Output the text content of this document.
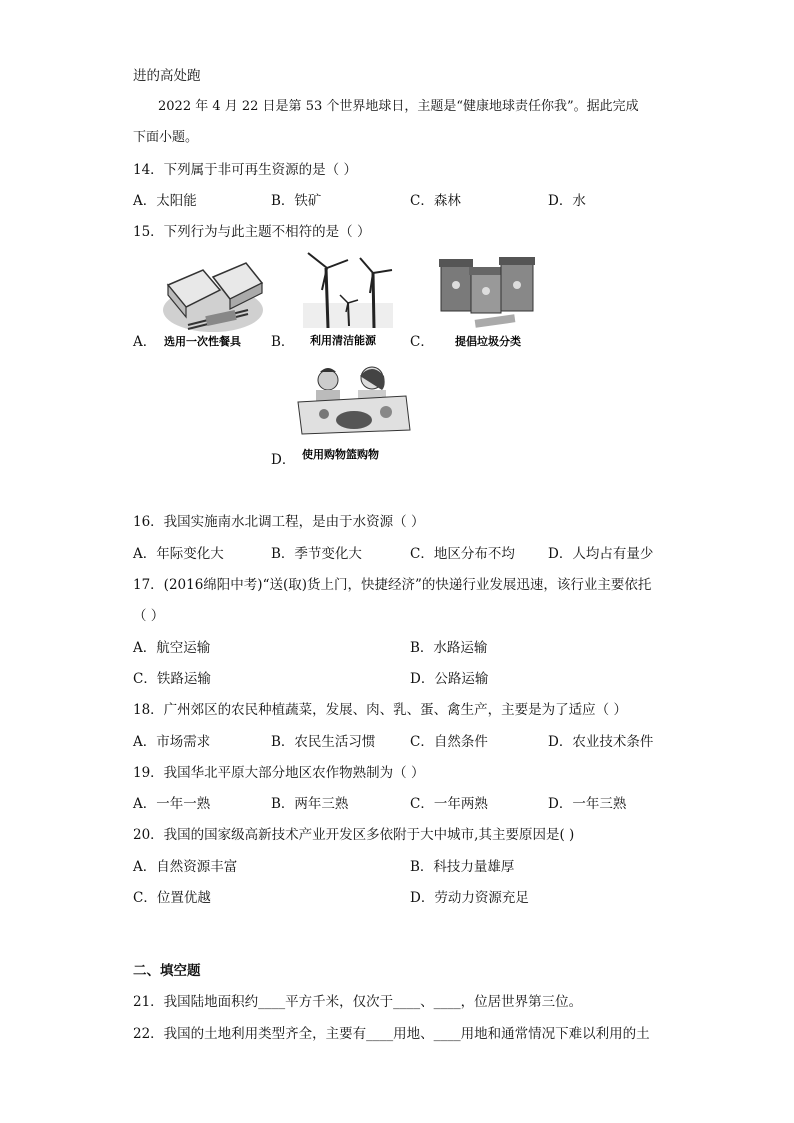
进的高处跑
2022 年 4 月 22 日是第 53 个世界地球日，主题是“健康地球责任你我”。据此完成
下面小题。
14．下列属于非可再生资源的是（ ）
A．太阳能	B．铁矿	C．森林	D．水
15．下列行为与此主题不相符的是（ ）
A． 选用一次性餐具 B． 利用清洁能源	C． 提倡垃圾分类
D． 使用购物篮购物
16．我国实施南水北调工程，是由于水资源（ ）
A．年际变化大	B．季节变化大	C．地区分布不均 D．人均占有量少
17．(2016绵阳中考)“送(取)货上门，快捷经济”的快递行业发展迅速，该行业主要依托
（ ）
A．航空运输	B．水路运输
C．铁路运输	D．公路运输
18．广州郊区的农民种植蔬菜，发展、肉、乳、蛋、禽生产，主要是为了适应（ ）
A．市场需求	B．农民生活习惯	C．自然条件	D．农业技术条件
19．我国华北平原大部分地区农作物熟制为（ ）
A．一年一熟	B．两年三熟	C．一年两熟	D．一年三熟
20．我国的国家级高新技术产业开发区多依附于大中城市,其主要原因是( )
A．自然资源丰富	B．科技力量雄厚
C．位置优越	D．劳动力资源充足
二、填空题
21．我国陆地面积约____平方千米，仅次于____、____，位居世界第三位。
22．我国的土地利用类型齐全，主要有____用地、____用地和通常情况下难以利用的土
